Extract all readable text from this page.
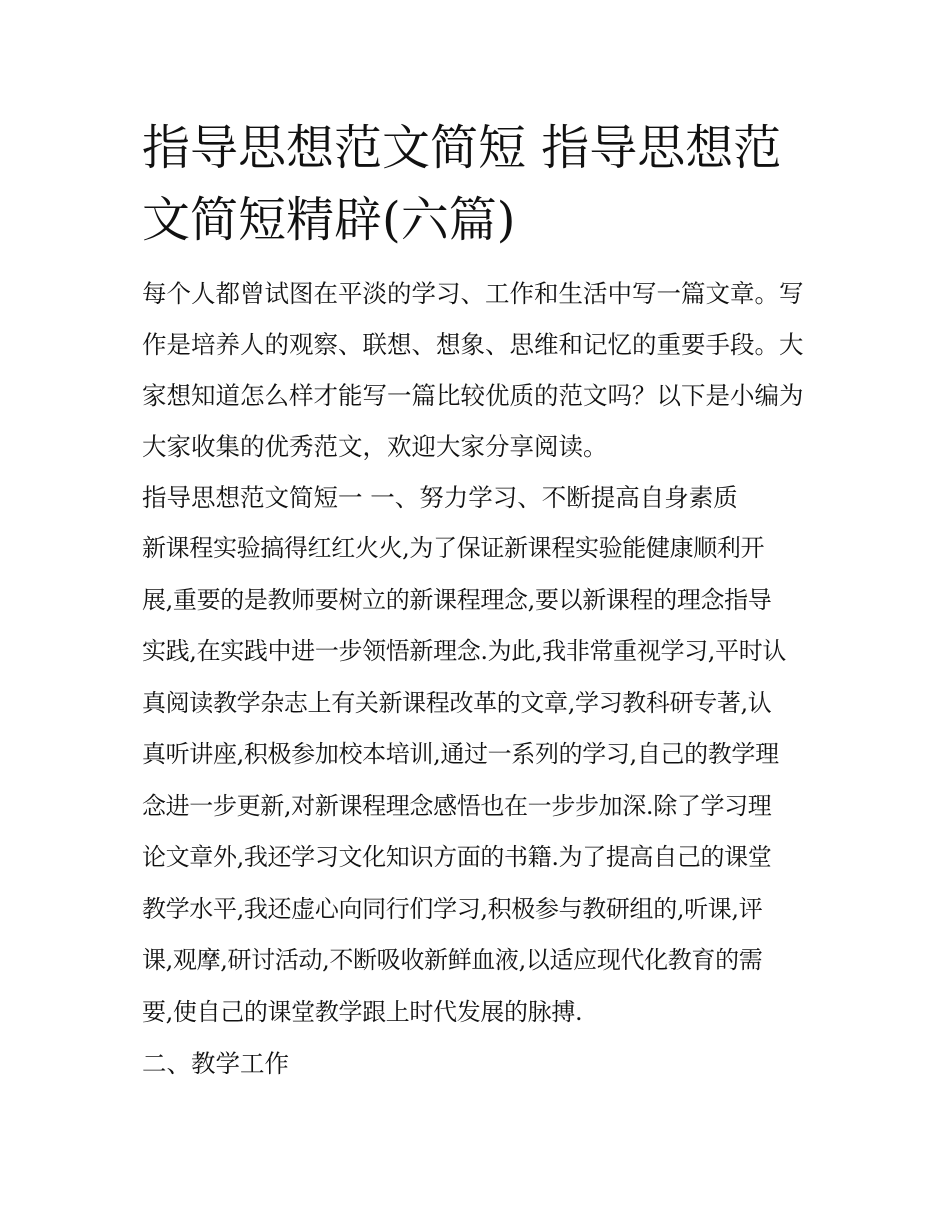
指导思想范文简短 指导思想范
文简短精辟(六篇)
每个人都曾试图在平淡的学习、工作和生活中写一篇文章。写
作是培养人的观察、联想、想象、思维和记忆的重要手段。大
家想知道怎么样才能写一篇比较优质的范文吗？以下是小编为
大家收集的优秀范文，欢迎大家分享阅读。
指导思想范文简短一 一、努力学习、不断提高自身素质
新课程实验搞得红红火火,为了保证新课程实验能健康顺利开
展,重要的是教师要树立的新课程理念,要以新课程的理念指导
实践,在实践中进一步领悟新理念.为此,我非常重视学习,平时认
真阅读教学杂志上有关新课程改革的文章,学习教科研专著,认
真听讲座,积极参加校本培训,通过一系列的学习,自己的教学理
念进一步更新,对新课程理念感悟也在一步步加深.除了学习理
论文章外,我还学习文化知识方面的书籍.为了提高自己的课堂
教学水平,我还虚心向同行们学习,积极参与教研组的,听课,评
课,观摩,研讨活动,不断吸收新鲜血液,以适应现代化教育的需
要,使自己的课堂教学跟上时代发展的脉搏.
二、教学工作
